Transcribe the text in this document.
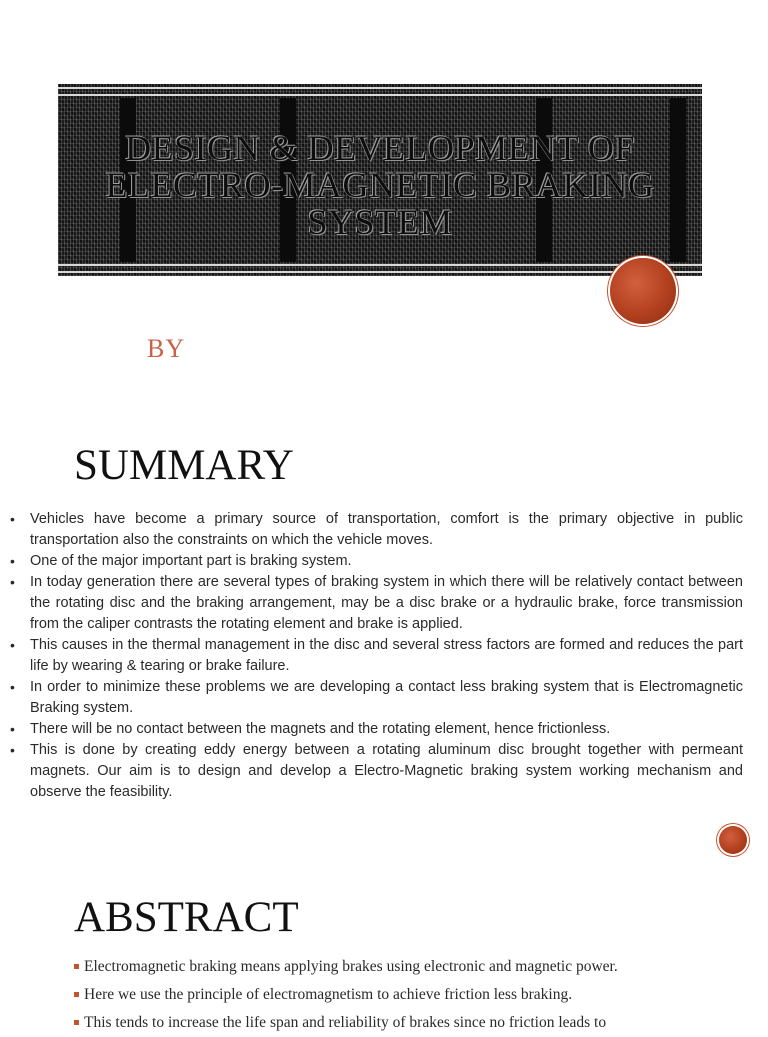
DESIGN & DEVELOPMENT OF
ELECTRO-MAGNETIC BRAKING
SYSTEM
BY
SUMMARY
• Vehicles have become a primary source of transportation, comfort is the primary objective in public transportation also the constraints on which the vehicle moves.
• One of the major important part is braking system.
• In today generation there are several types of braking system in which there will be relatively contact between the rotating disc and the braking arrangement, may be a disc brake or a hydraulic brake, force transmission from the caliper contrasts the rotating element and brake is applied.
• This causes in the thermal management in the disc and several stress factors are formed and reduces the part life by wearing & tearing or brake failure.
• In order to minimize these problems we are developing a contact less braking system that is Electromagnetic Braking system.
• There will be no contact between the magnets and the rotating element, hence frictionless.
• This is done by creating eddy energy between a rotating aluminum disc brought together with permeant magnets. Our aim is to design and develop a Electro-Magnetic braking system working mechanism and observe the feasibility.
ABSTRACT
Electromagnetic braking means applying brakes using electronic and magnetic power.
Here we use the principle of electromagnetism to achieve friction less braking.
This tends to increase the life span and reliability of brakes since no friction leads to
